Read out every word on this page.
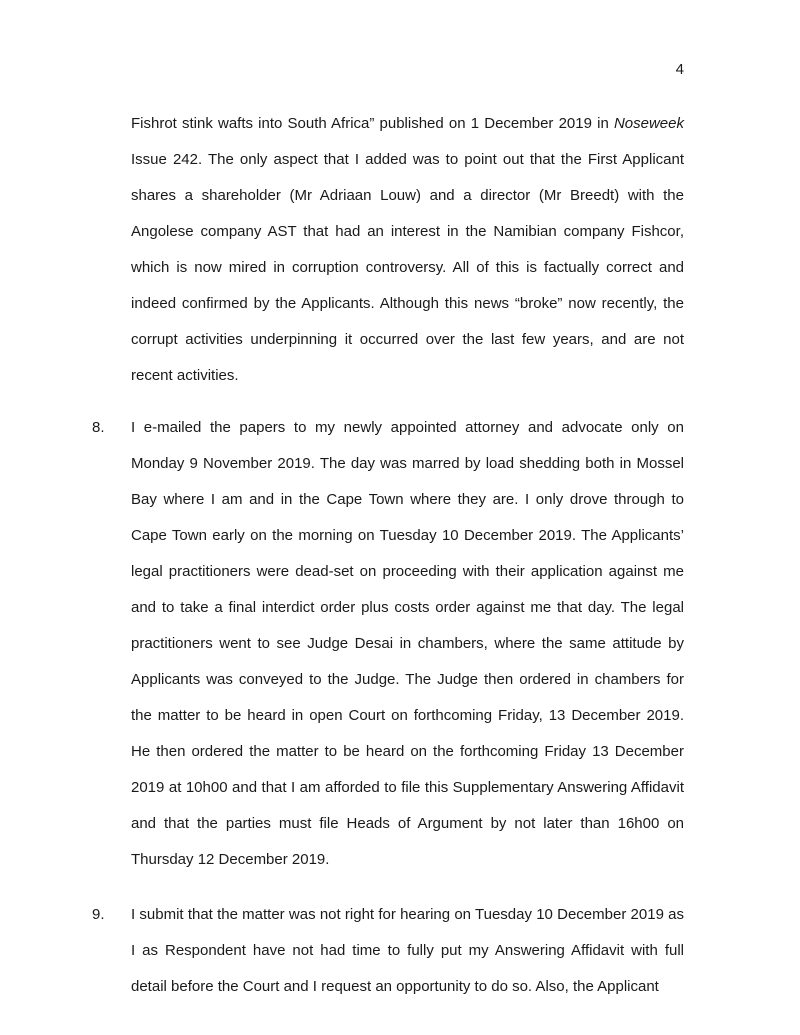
4

Fishrot stink wafts into South Africa” published on 1 December 2019 in Noseweek Issue 242. The only aspect that I added was to point out that the First Applicant shares a shareholder (Mr Adriaan Louw) and a director (Mr Breedt) with the Angolese company AST that had an interest in the Namibian company Fishcor, which is now mired in corruption controversy. All of this is factually correct and indeed confirmed by the Applicants. Although this news “broke” now recently, the corrupt activities underpinning it occurred over the last few years, and are not recent activities.

8. I e-mailed the papers to my newly appointed attorney and advocate only on Monday 9 November 2019. The day was marred by load shedding both in Mossel Bay where I am and in the Cape Town where they are. I only drove through to Cape Town early on the morning on Tuesday 10 December 2019. The Applicants’ legal practitioners were dead-set on proceeding with their application against me and to take a final interdict order plus costs order against me that day. The legal practitioners went to see Judge Desai in chambers, where the same attitude by Applicants was conveyed to the Judge. The Judge then ordered in chambers for the matter to be heard in open Court on forthcoming Friday, 13 December 2019. He then ordered the matter to be heard on the forthcoming Friday 13 December 2019 at 10h00 and that I am afforded to file this Supplementary Answering Affidavit and that the parties must file Heads of Argument by not later than 16h00 on Thursday 12 December 2019.

9. I submit that the matter was not right for hearing on Tuesday 10 December 2019 as I as Respondent have not had time to fully put my Answering Affidavit with full detail before the Court and I request an opportunity to do so. Also, the Applicant
